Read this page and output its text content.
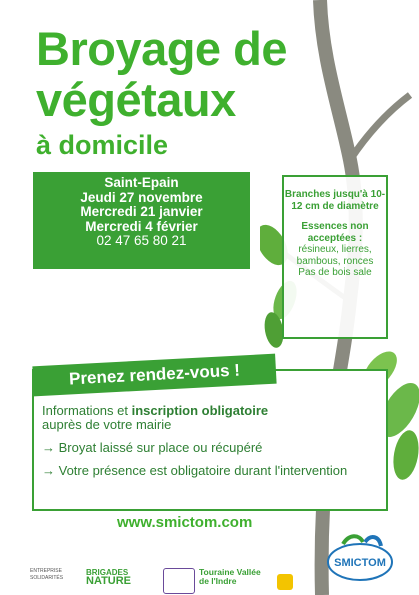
Broyage de
végétaux
à domicile
Saint-Epain
Jeudi 27 novembre
Mercredi 21 janvier
Mercredi 4 février
02 47 65 80 21
Branches jusqu'à 10-12 cm de diamètre
Essences non acceptées :
résineux, lierres, bambous, ronces
Pas de bois sale
Prenez rendez-vous !

Informations et inscription obligatoire
auprès de votre mairie

→ Broyat laissé sur place ou récupéré

→ Votre présence est obligatoire durant l'intervention

www.smictom.com
ENTREPRISE SOLIDARITÉS
BRIGADES
NATURE
Touraine Vallée de l'Indre
SMICTOM
